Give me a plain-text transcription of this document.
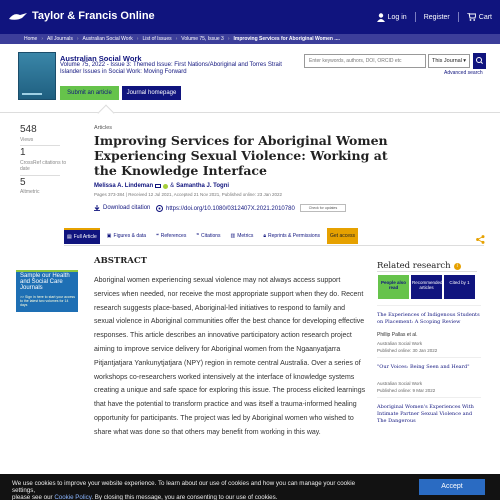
Taylor & Francis Online	Log in Register	Cart
Home › All Journals › Australian Social Work › List of Issues › Volume 75, Issue 3 › Improving Services for Aboriginal Women ....
Australian Social Work
Volume 75, 2022 - Issue 3: Themed Issue: First Nations/Aboriginal and Torres Strait Islander Issues in Social Work: Moving Forward
Submit an article	Journal homepage
Enter keywords, authors, DOI, ORCID etc	This Journal ▾
Advanced search
548
Views
1
CrossRef citations to date
5
Altmetric
Articles
Improving Services for Aboriginal Women Experiencing Sexual Violence: Working at the Knowledge Interface
Melissa A. Lindeman	& Samantha J. Togni
Pages 373-384 | Received 12 Jul 2021, Accepted 21 Nov 2021, Published online: 23 Jan 2022
Download citation	https://doi.org/10.1080/0312407X.2021.2010780	Check for updates
▤ Full Article ▣ Figures & data ❝ References ❞ Citations ▥ Metrics 🔒︎ Reprints & Permissions	Get access
Sample our Health and Social Care Journals
>> Sign in here to start your access to the latest two volumes for 14 days
ABSTRACT
Aboriginal women experiencing sexual violence may not always access support services when needed, nor receive the most appropriate support when they do. Recent research suggests place-based, Aboriginal-led initiatives to respond to family and sexual violence in Aboriginal communities offer the best chance for developing effective responses. This article describes an innovative participatory action research project aiming to improve service delivery for Aboriginal women from the Ngaanyatjarra Pitjantjatjara Yankunytjatjara (NPY) region in remote central Australia. Over a series of workshops co-researchers worked intensively at the interface of knowledge systems creating a unique and safe space for exploring this issue. The process elicited learnings that have the potential to transform practice and was itself a trauma-informed healing opportunity for participants. The project was led by Aboriginal women who wished to share what was done so that others may benefit from working in this way.
Related research	i
People also read
Recommended articles
Cited by 1
The Experiences of Indigenous Students on Placement: A Scoping Review
Phillip Pallas et al.
Australian Social Work
Published online: 30 Jan 2022
"Our Voices: Being Seen and Heard"
Australian Social Work
Published online: 9 Mar 2022
Aboriginal Women's Experiences With Intimate Partner Sexual Violence and The Dangerous
We use cookies to improve your website experience. To learn about our use of cookies and how you can manage your cookie settings,
please see our Cookie Policy. By closing this message, you are consenting to our use of cookies.
Accept
